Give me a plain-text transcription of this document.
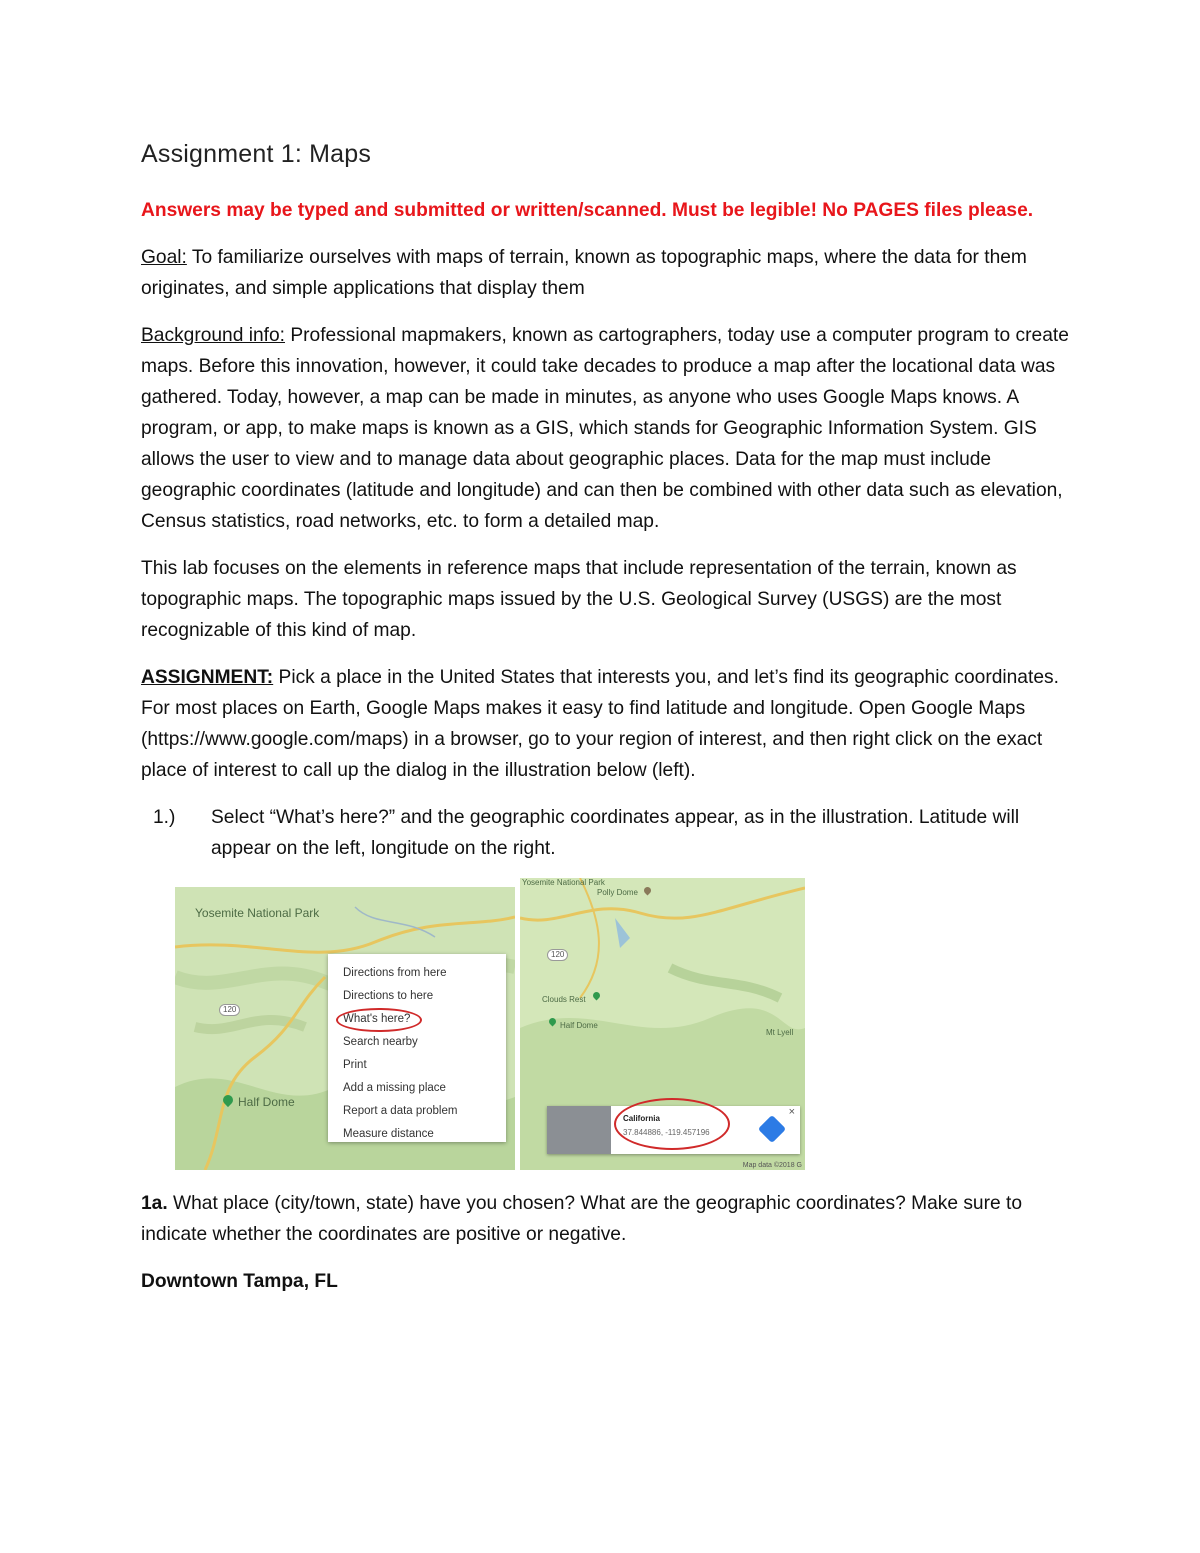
Assignment 1: Maps

Answers may be typed and submitted or written/scanned. Must be legible! No PAGES files please.

Goal: To familiarize ourselves with maps of terrain, known as topographic maps, where the data for them originates, and simple applications that display them

Background info: Professional mapmakers, known as cartographers, today use a computer program to create maps. Before this innovation, however, it could take decades to produce a map after the locational data was gathered. Today, however, a map can be made in minutes, as anyone who uses Google Maps knows. A program, or app, to make maps is known as a GIS, which stands for Geographic Information System. GIS allows the user to view and to manage data about geographic places. Data for the map must include geographic coordinates (latitude and longitude) and can then be combined with other data such as elevation, Census statistics, road networks, etc. to form a detailed map.

This lab focuses on the elements in reference maps that include representation of the terrain, known as topographic maps. The topographic maps issued by the U.S. Geological Survey (USGS) are the most recognizable of this kind of map.

ASSIGNMENT: Pick a place in the United States that interests you, and let’s find its geographic coordinates. For most places on Earth, Google Maps makes it easy to find latitude and longitude. Open Google Maps (https://www.google.com/maps) in a browser, go to your region of interest, and then right click on the exact place of interest to call up the dialog in the illustration below (left).

1.)	Select “What’s here?” and the geographic coordinates appear, as in the illustration. Latitude will appear on the left, longitude on the right.

Yosemite National Park
120
Half Dome
Directions from here
Directions to here
What's here?
Search nearby
Print
Add a missing place
Report a data problem
Measure distance
Yosemite National Park
Polly Dome
120
Clouds Rest
Half Dome
Mt Lyell
California
37.844886, -119.457196
×
Map data ©2018 G

1a. What place (city/town, state) have you chosen? What are the geographic coordinates? Make sure to indicate whether the coordinates are positive or negative.

Downtown Tampa, FL
